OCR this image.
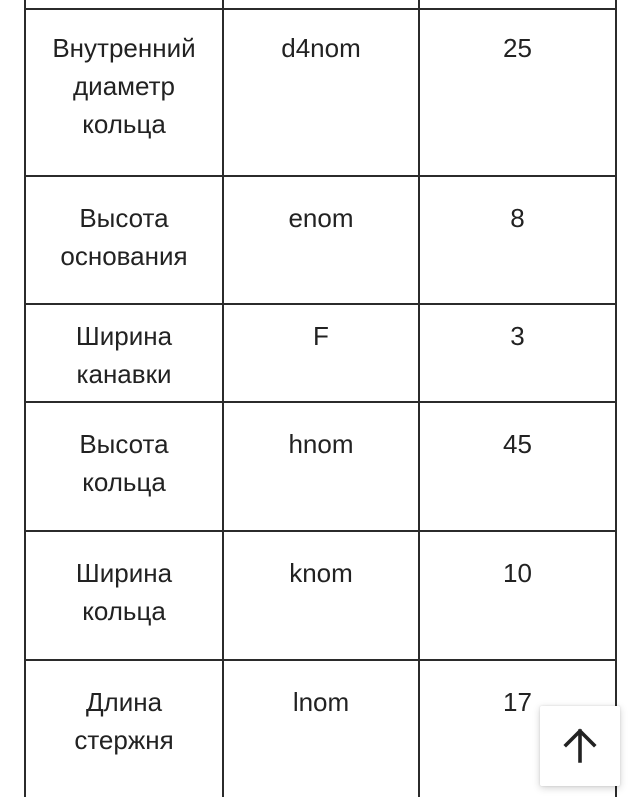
Внутренний диаметр кольца	d4nom	25

Высота основания	enom	8

Ширина канавки	F	3

Высота кольца	hnom	45

Ширина кольца	knom	10

Длина стержня	lnom	17
